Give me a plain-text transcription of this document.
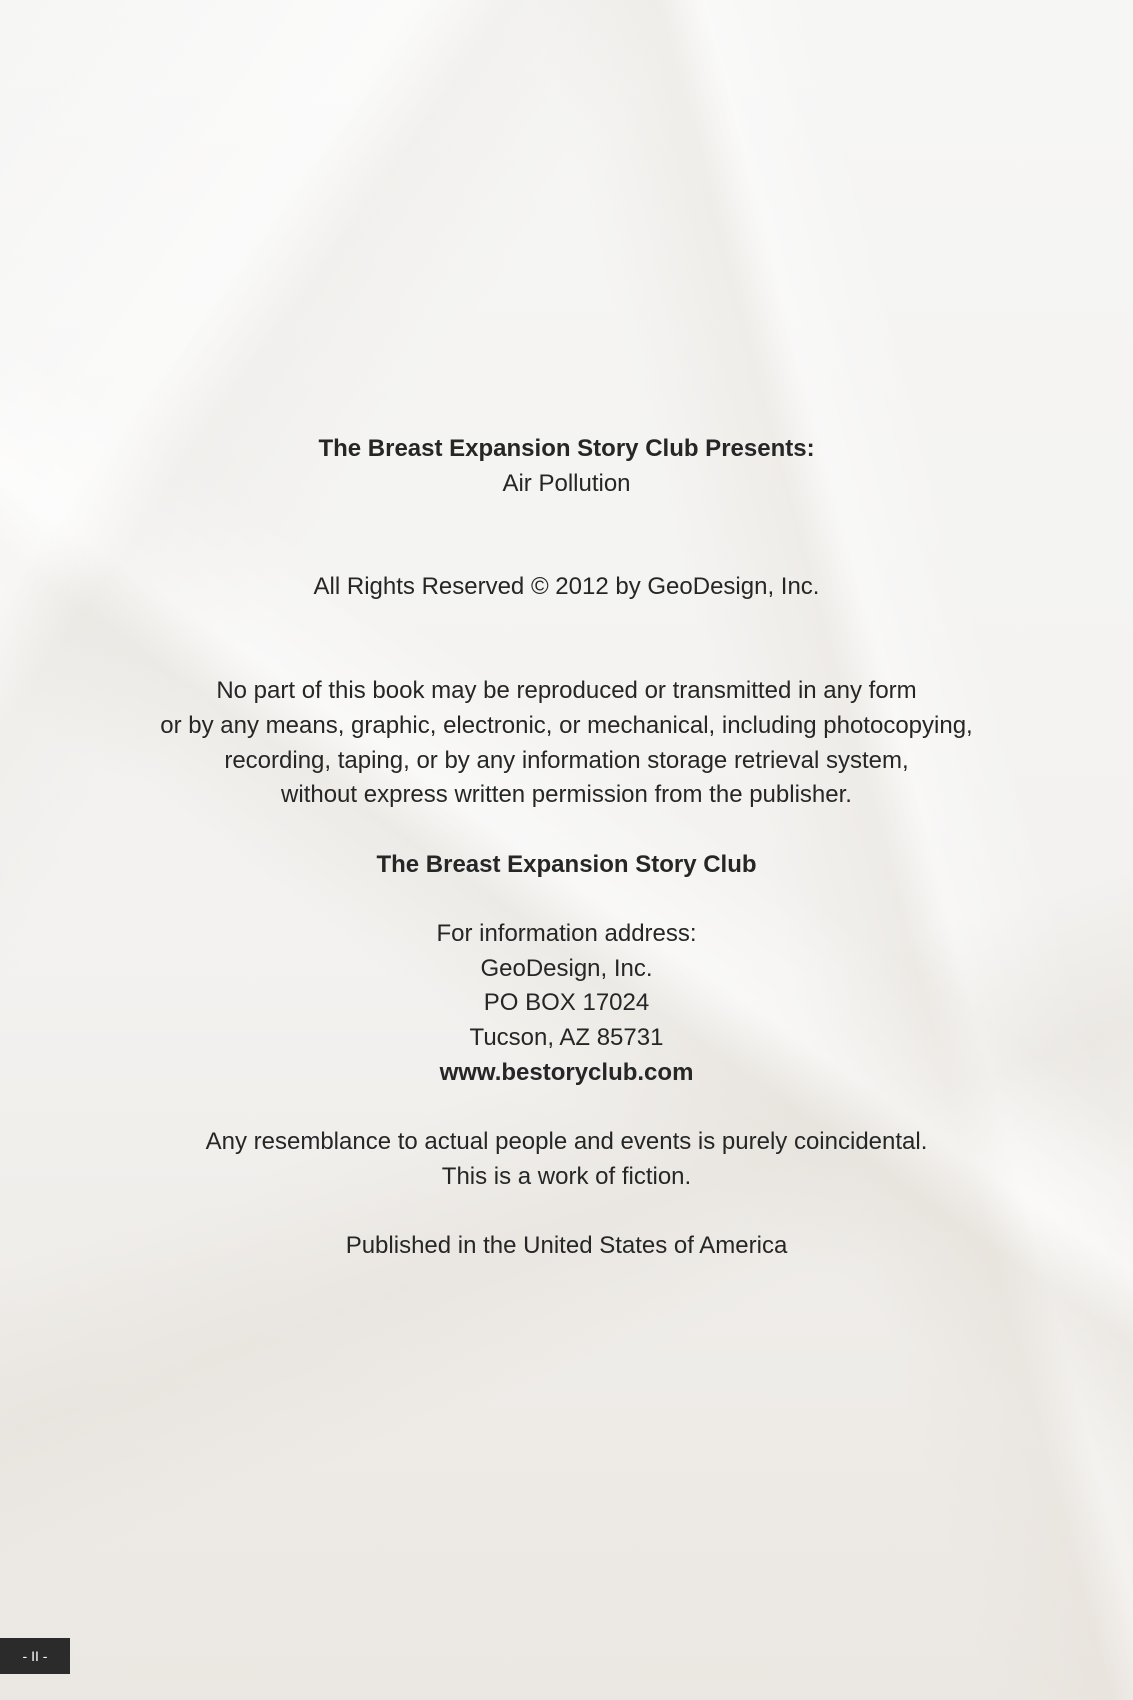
The Breast Expansion Story Club Presents:
Air Pollution
All Rights Reserved © 2012 by GeoDesign, Inc.
No part of this book may be reproduced or transmitted in any form
or by any means, graphic, electronic, or mechanical, including photocopying,
recording, taping, or by any information storage retrieval system,
without express written permission from the publisher.
The Breast Expansion Story Club
For information address:
GeoDesign, Inc.
PO BOX 17024
Tucson, AZ 85731
www.bestoryclub.com
Any resemblance to actual people and events is purely coincidental.
This is a work of fiction.
Published in the United States of America
- II -
